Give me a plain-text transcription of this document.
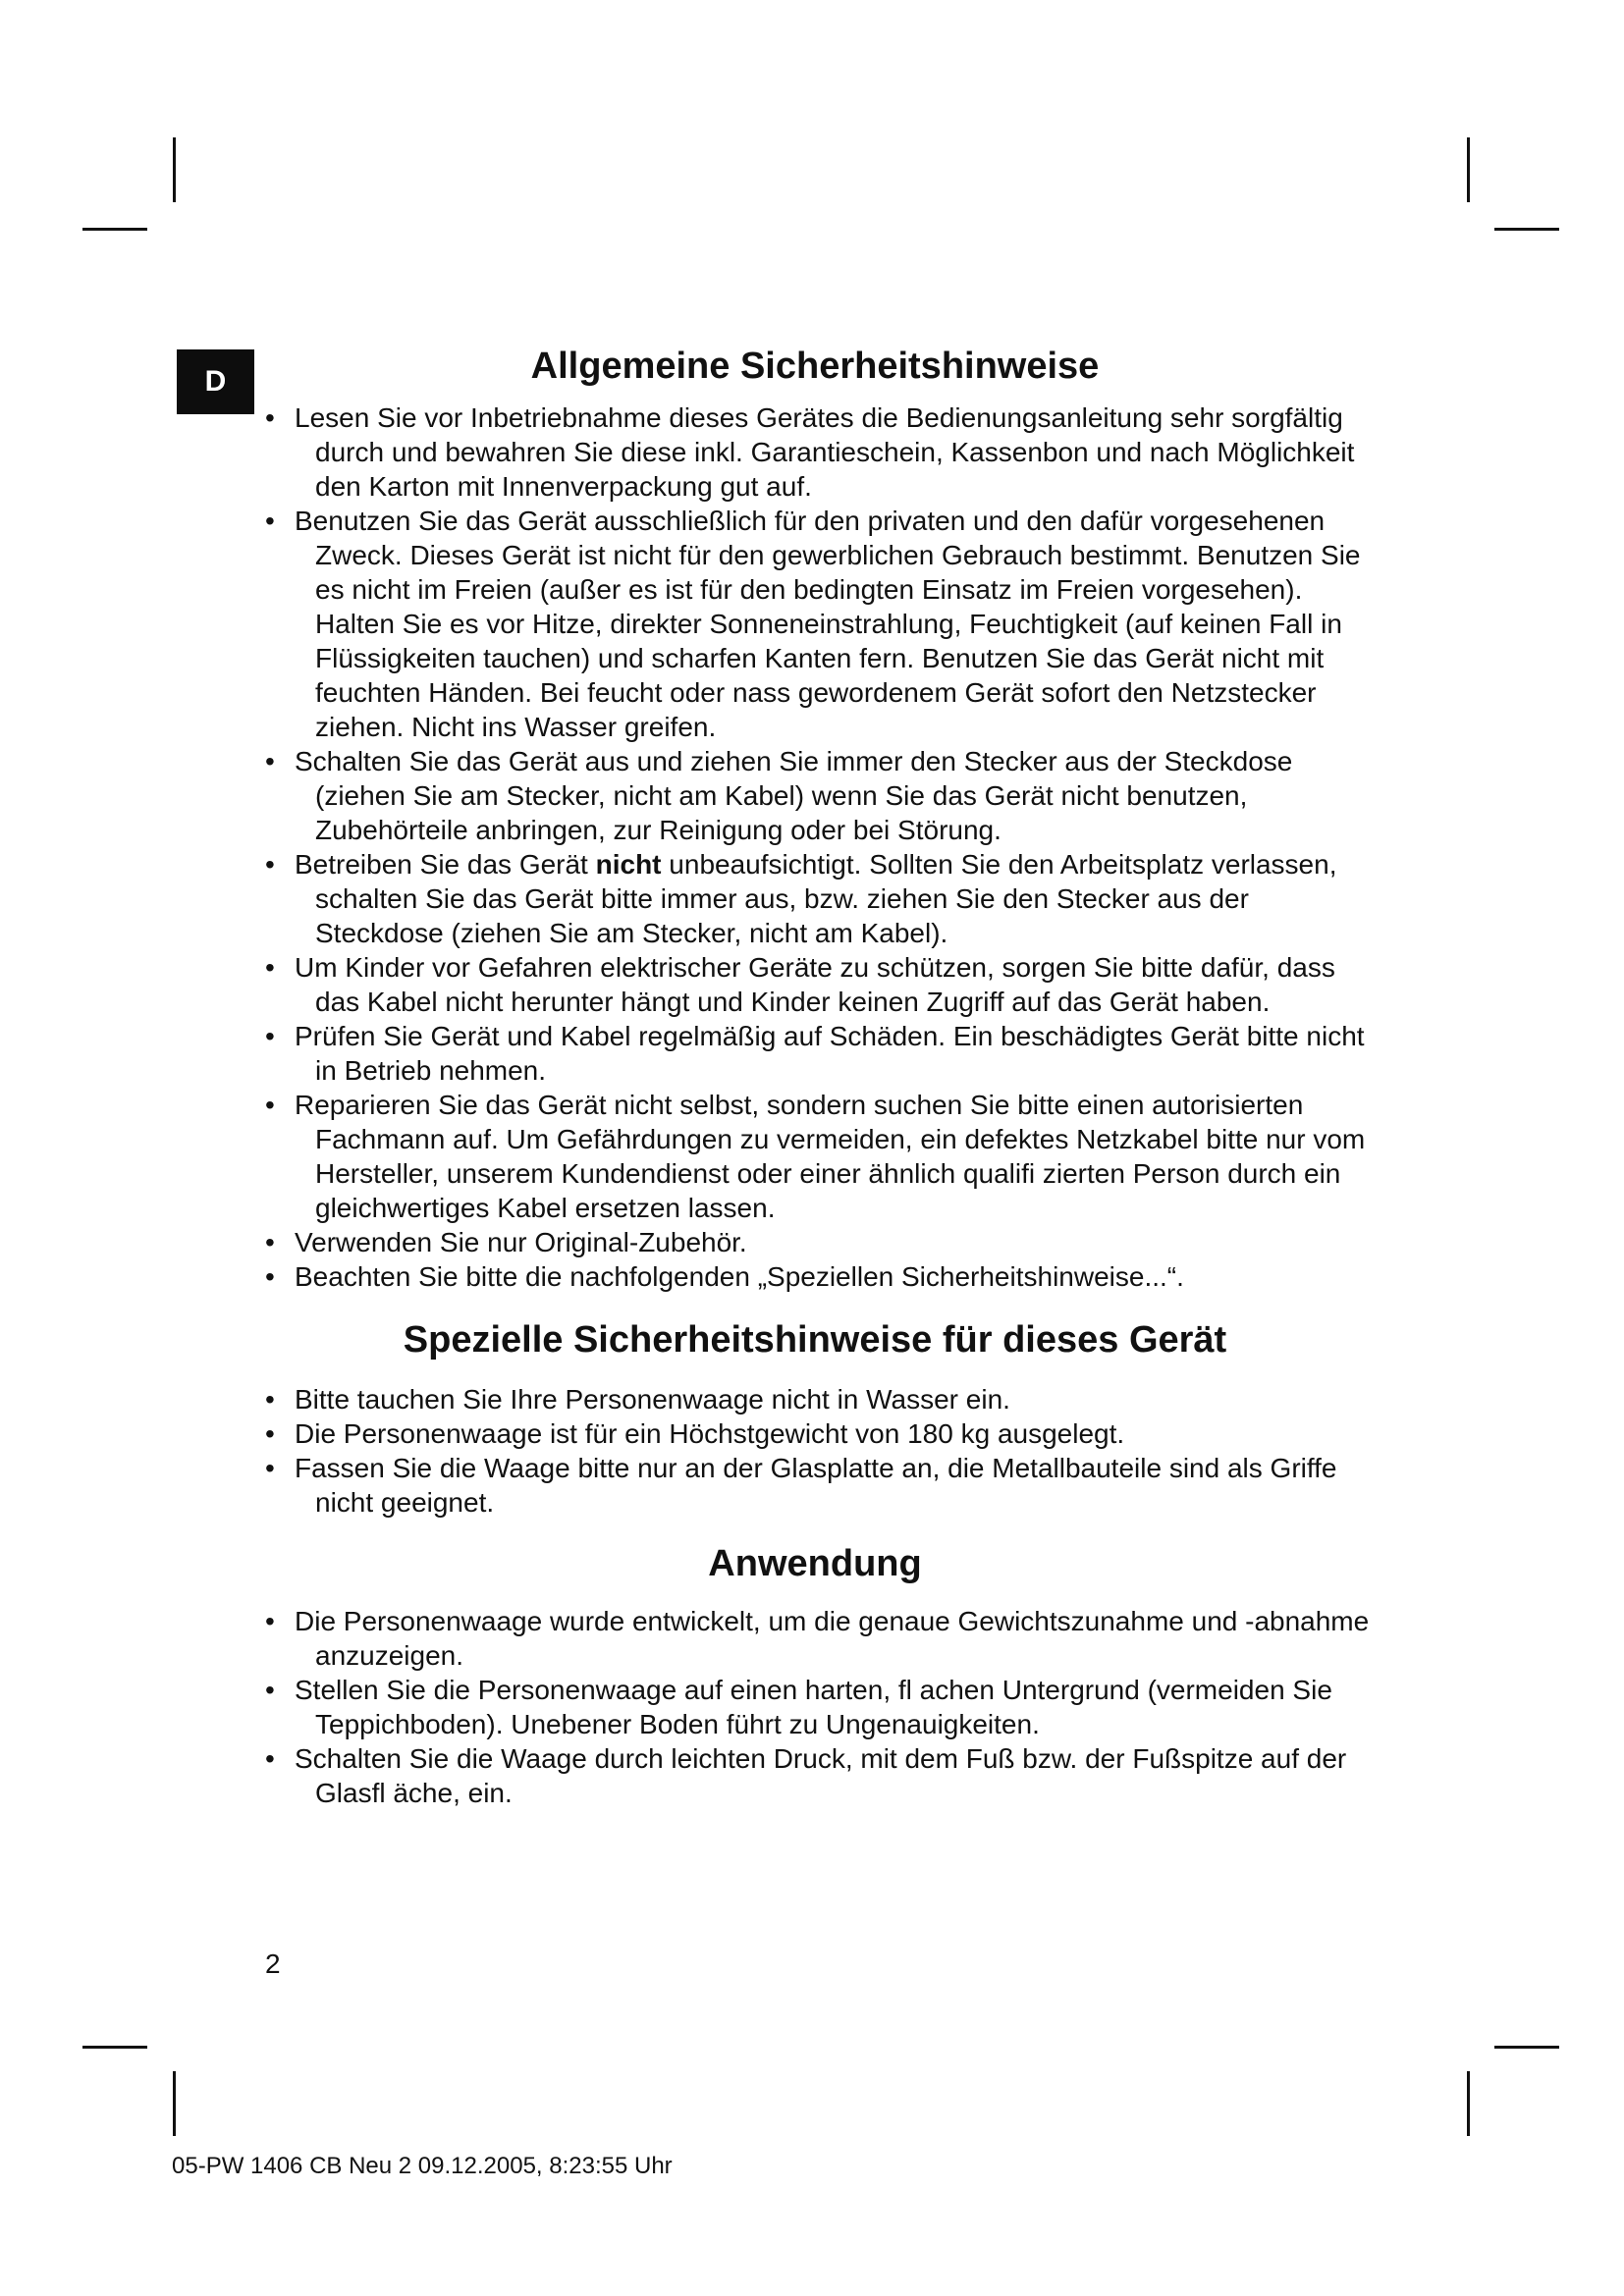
D	Allgemeine Sicherheitshinweise
• Lesen Sie vor Inbetriebnahme dieses Gerätes die Bedienungsanleitung sehr sorgfältig durch und bewahren Sie diese inkl. Garantieschein, Kassenbon und nach Möglichkeit den Karton mit Innenverpackung gut auf.
• Benutzen Sie das Gerät ausschließlich für den privaten und den dafür vorgesehenen Zweck. Dieses Gerät ist nicht für den gewerblichen Gebrauch bestimmt. Benutzen Sie es nicht im Freien (außer es ist für den bedingten Einsatz im Freien vorgesehen). Halten Sie es vor Hitze, direkter Sonneneinstrahlung, Feuchtigkeit (auf keinen Fall in Flüssigkeiten tauchen) und scharfen Kanten fern. Benutzen Sie das Gerät nicht mit feuchten Händen. Bei feucht oder nass gewordenem Gerät sofort den Netzstecker ziehen. Nicht ins Wasser greifen.
• Schalten Sie das Gerät aus und ziehen Sie immer den Stecker aus der Steckdose (ziehen Sie am Stecker, nicht am Kabel) wenn Sie das Gerät nicht benutzen, Zubehörteile anbringen, zur Reinigung oder bei Störung.
• Betreiben Sie das Gerät nicht unbeaufsichtigt. Sollten Sie den Arbeitsplatz verlassen, schalten Sie das Gerät bitte immer aus, bzw. ziehen Sie den Stecker aus der Steckdose (ziehen Sie am Stecker, nicht am Kabel).
• Um Kinder vor Gefahren elektrischer Geräte zu schützen, sorgen Sie bitte dafür, dass das Kabel nicht herunter hängt und Kinder keinen Zugriff auf das Gerät haben.
• Prüfen Sie Gerät und Kabel regelmäßig auf Schäden. Ein beschädigtes Gerät bitte nicht in Betrieb nehmen.
• Reparieren Sie das Gerät nicht selbst, sondern suchen Sie bitte einen autorisierten Fachmann auf. Um Gefährdungen zu vermeiden, ein defektes Netzkabel bitte nur vom Hersteller, unserem Kundendienst oder einer ähnlich qualifi zierten Person durch ein gleichwertiges Kabel ersetzen lassen.
• Verwenden Sie nur Original-Zubehör.
• Beachten Sie bitte die nachfolgenden „Speziellen Sicherheitshinweise...“.
Spezielle Sicherheitshinweise für dieses Gerät
• Bitte tauchen Sie Ihre Personenwaage nicht in Wasser ein.
• Die Personenwaage ist für ein Höchstgewicht von 180 kg ausgelegt.
• Fassen Sie die Waage bitte nur an der Glasplatte an, die Metallbauteile sind als Griffe nicht geeignet.
Anwendung
• Die Personenwaage wurde entwickelt, um die genaue Gewichtszunahme und -abnahme anzuzeigen.
• Stellen Sie die Personenwaage auf einen harten, fl achen Untergrund (vermeiden Sie Teppichboden). Unebener Boden führt zu Ungenauigkeiten.
• Schalten Sie die Waage durch leichten Druck, mit dem Fuß bzw. der Fußspitze auf der Glasfl äche, ein.
2
05-PW 1406 CB Neu 2 09.12.2005, 8:23:55 Uhr
